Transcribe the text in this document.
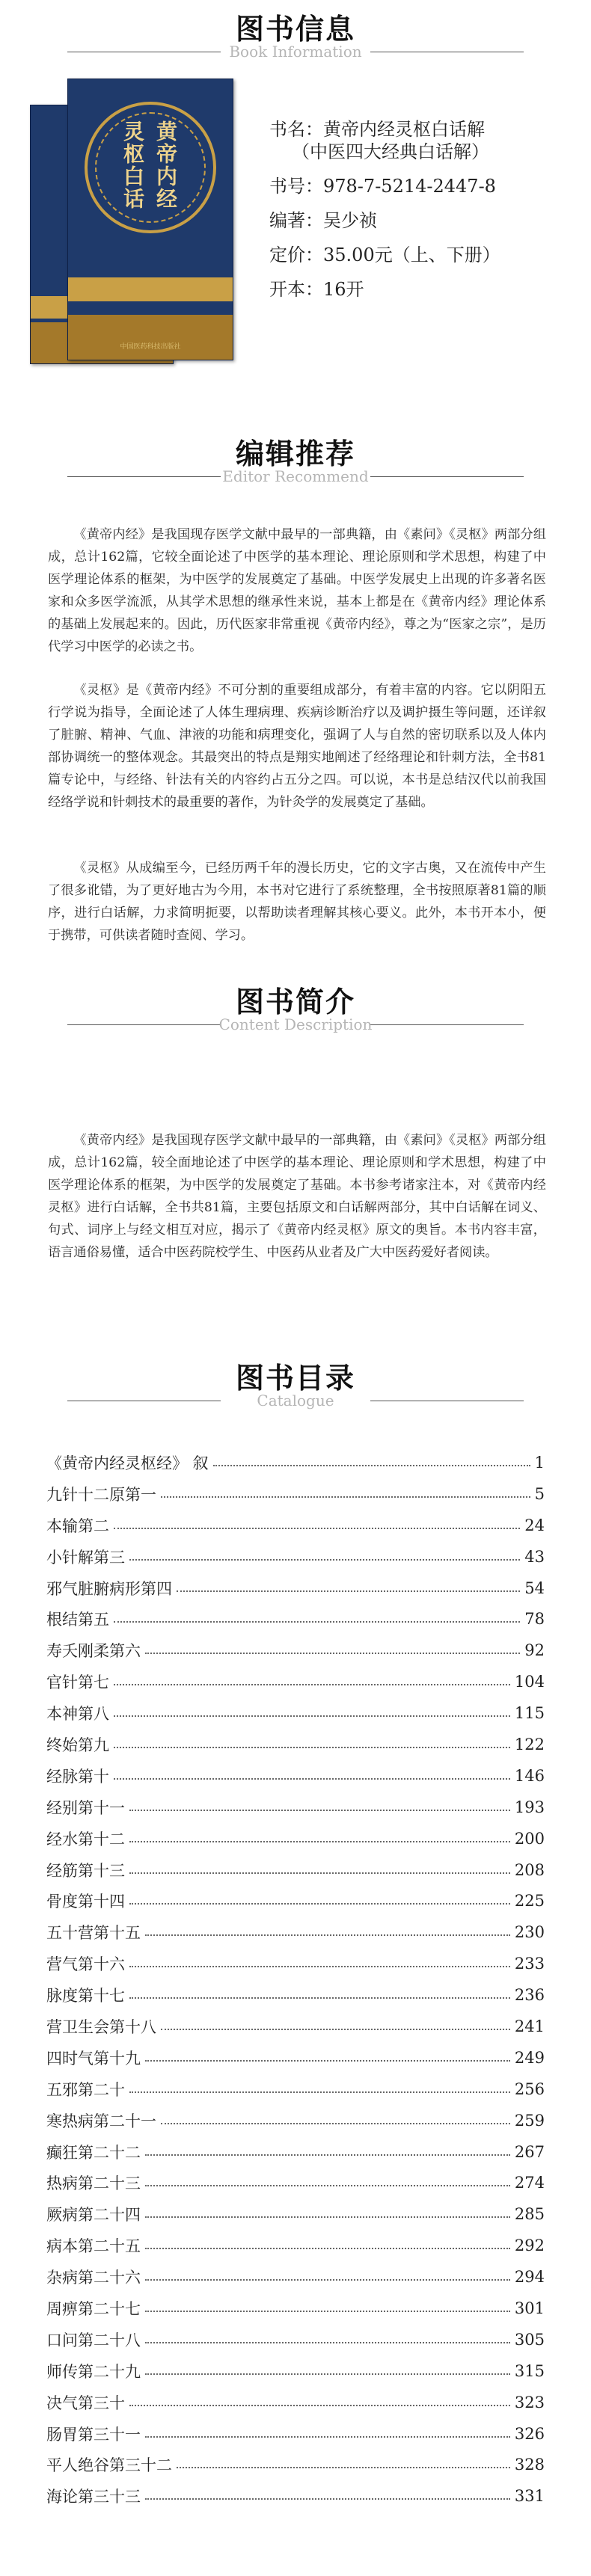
图书信息
Book Information
黄帝内经
灵枢白话
中国医药科技出版社
书名：黄帝内经灵枢白话解
（中医四大经典白话解）
书号：978-7-5214-2447-8
编著：吴少祯
定价：35.00元（上、下册）
开本：16开
编辑推荐
Editor Recommend

《黄帝内经》是我国现存医学文献中最早的一部典籍，由《素问》《灵枢》两部分组成，总计162篇，它较全面论述了中医学的基本理论、理论原则和学术思想，构建了中医学理论体系的框架，为中医学的发展奠定了基础。中医学发展史上出现的许多著名医家和众多医学流派，从其学术思想的继承性来说，基本上都是在《黄帝内经》理论体系的基础上发展起来的。因此，历代医家非常重视《黄帝内经》，尊之为“医家之宗”，是历代学习中医学的必读之书。

《灵枢》是《黄帝内经》不可分割的重要组成部分，有着丰富的内容。它以阴阳五行学说为指导，全面论述了人体生理病理、疾病诊断治疗以及调护摄生等问题，还详叙了脏腑、精神、气血、津液的功能和病理变化，强调了人与自然的密切联系以及人体内部协调统一的整体观念。其最突出的特点是翔实地阐述了经络理论和针刺方法，全书81篇专论中，与经络、针法有关的内容约占五分之四。可以说，本书是总结汉代以前我国经络学说和针刺技术的最重要的著作，为针灸学的发展奠定了基础。

《灵枢》从成编至今，已经历两千年的漫长历史，它的文字古奥，又在流传中产生了很多讹错，为了更好地古为今用，本书对它进行了系统整理，全书按照原著81篇的顺序，进行白话解，力求简明扼要，以帮助读者理解其核心要义。此外，本书开本小，便于携带，可供读者随时查阅、学习。

图书简介
Content Description

《黄帝内经》是我国现存医学文献中最早的一部典籍，由《素问》《灵枢》两部分组成，总计162篇，较全面地论述了中医学的基本理论、理论原则和学术思想，构建了中医学理论体系的框架，为中医学的发展奠定了基础。本书参考诸家注本，对《黄帝内经灵枢》进行白话解，全书共81篇，主要包括原文和白话解两部分，其中白话解在词义、句式、词序上与经文相互对应，揭示了《黄帝内经灵枢》原文的奥旨。本书内容丰富，语言通俗易懂，适合中医药院校学生、中医药从业者及广大中医药爱好者阅读。

图书目录
Catalogue
《黄帝内经灵枢经》 叙	1
九针十二原第一	5
本输第二	24
小针解第三	43
邪气脏腑病形第四	54
根结第五	78
寿夭刚柔第六	92
官针第七	104
本神第八	115
终始第九	122
经脉第十	146
经别第十一	193
经水第十二	200
经筋第十三	208
骨度第十四	225
五十营第十五	230
营气第十六	233
脉度第十七	236
营卫生会第十八	241
四时气第十九	249
五邪第二十	256
寒热病第二十一	259
癫狂第二十二	267
热病第二十三	274
厥病第二十四	285
病本第二十五	292
杂病第二十六	294
周痹第二十七	301
口问第二十八	305
师传第二十九	315
决气第三十	323
肠胃第三十一	326
平人绝谷第三十二	328
海论第三十三	331
